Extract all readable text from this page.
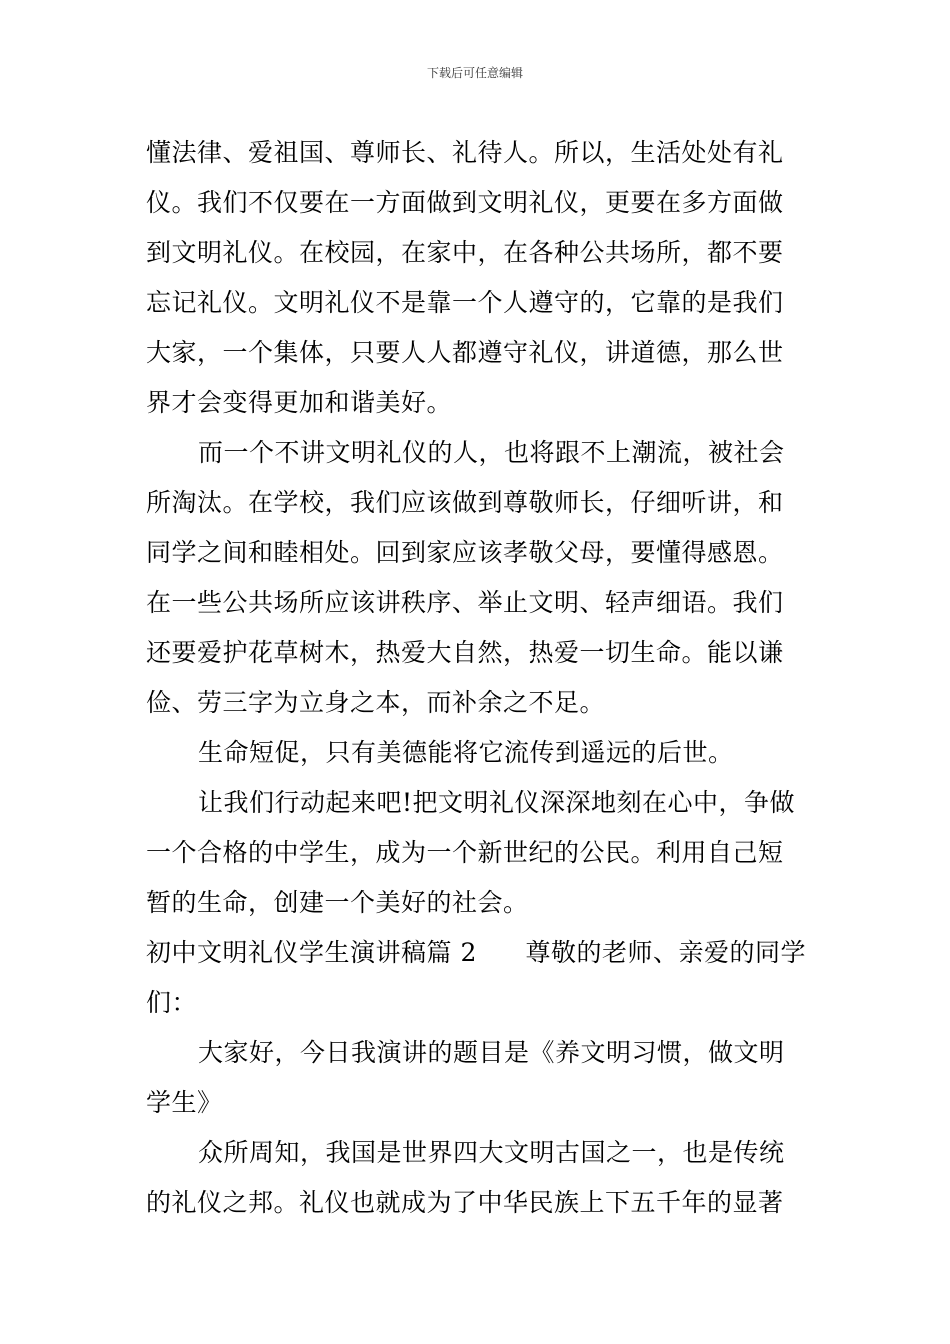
下载后可任意编辑
懂法律、爱祖国、尊师长、礼待人。所以，生活处处有礼
仪。我们不仅要在一方面做到文明礼仪，更要在多方面做
到文明礼仪。在校园，在家中，在各种公共场所，都不要
忘记礼仪。文明礼仪不是靠一个人遵守的，它靠的是我们
大家，一个集体，只要人人都遵守礼仪，讲道德，那么世
界才会变得更加和谐美好。
而一个不讲文明礼仪的人，也将跟不上潮流，被社会
所淘汰。在学校，我们应该做到尊敬师长，仔细听讲，和
同学之间和睦相处。回到家应该孝敬父母，要懂得感恩。
在一些公共场所应该讲秩序、举止文明、轻声细语。我们
还要爱护花草树木，热爱大自然，热爱一切生命。能以谦
俭、劳三字为立身之本，而补余之不足。
生命短促，只有美德能将它流传到遥远的后世。
让我们行动起来吧!把文明礼仪深深地刻在心中，争做
一个合格的中学生，成为一个新世纪的公民。利用自己短
暂的生命，创建一个美好的社会。
初中文明礼仪学生演讲稿篇 2 尊敬的老师、亲爱的同学
们：
大家好，今日我演讲的题目是《养文明习惯，做文明
学生》
众所周知，我国是世界四大文明古国之一，也是传统
的礼仪之邦。礼仪也就成为了中华民族上下五千年的显著
